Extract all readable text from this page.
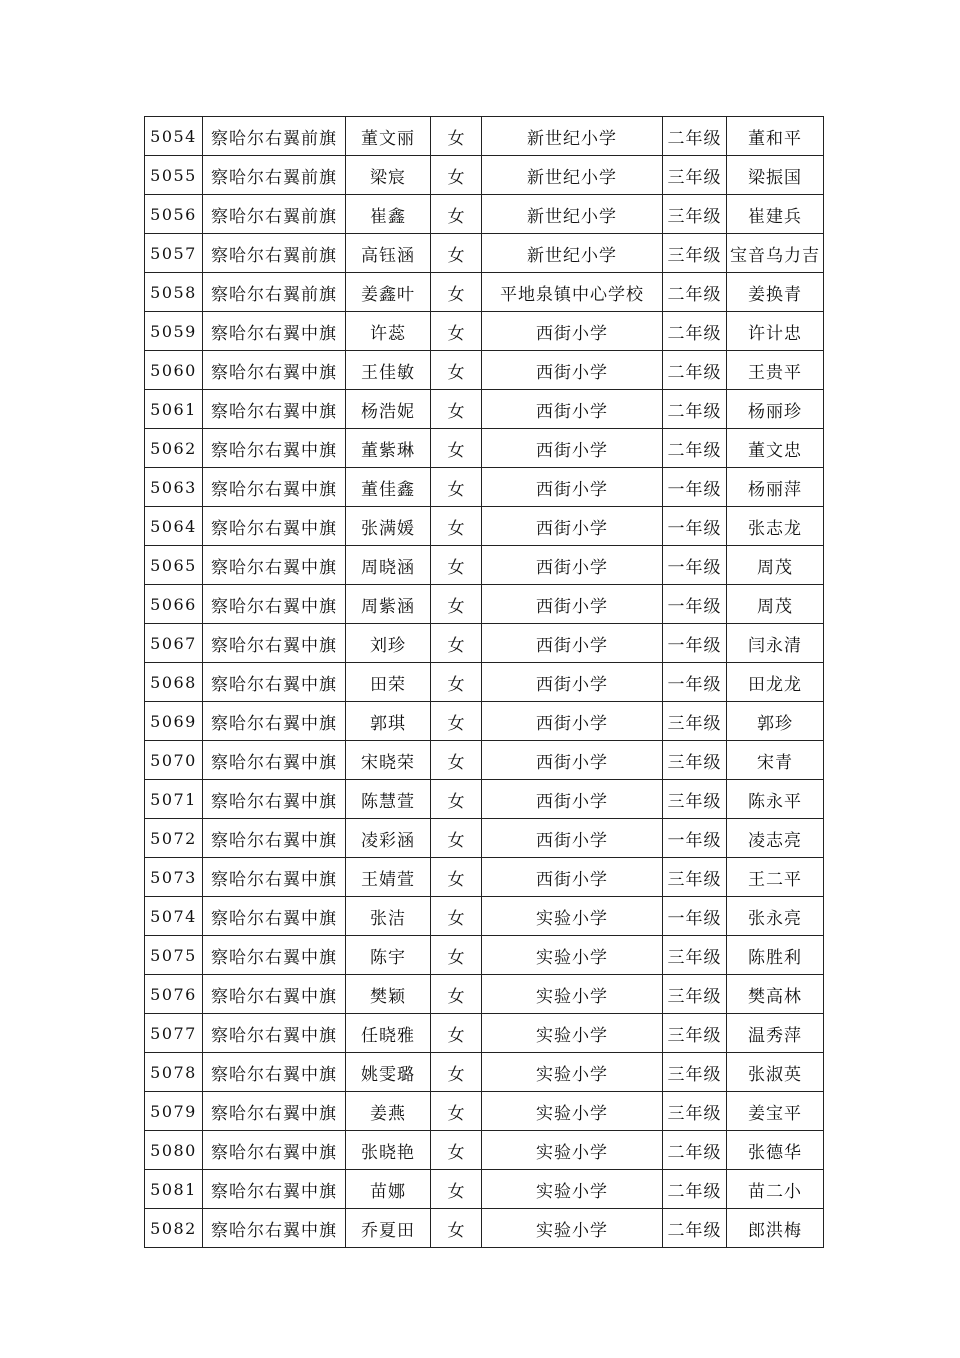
5054	察哈尔右翼前旗	董文丽	女	新世纪小学	二年级	董和平
5055	察哈尔右翼前旗	梁宸	女	新世纪小学	三年级	梁振国
5056	察哈尔右翼前旗	崔鑫	女	新世纪小学	三年级	崔建兵
5057	察哈尔右翼前旗	高钰涵	女	新世纪小学	三年级	宝音乌力吉
5058	察哈尔右翼前旗	姜鑫叶	女	平地泉镇中心学校	二年级	姜换青
5059	察哈尔右翼中旗	许蕊	女	西街小学	二年级	许计忠
5060	察哈尔右翼中旗	王佳敏	女	西街小学	二年级	王贵平
5061	察哈尔右翼中旗	杨浩妮	女	西街小学	二年级	杨丽珍
5062	察哈尔右翼中旗	董紫琳	女	西街小学	二年级	董文忠
5063	察哈尔右翼中旗	董佳鑫	女	西街小学	一年级	杨丽萍
5064	察哈尔右翼中旗	张满媛	女	西街小学	一年级	张志龙
5065	察哈尔右翼中旗	周晓涵	女	西街小学	一年级	周茂
5066	察哈尔右翼中旗	周紫涵	女	西街小学	一年级	周茂
5067	察哈尔右翼中旗	刘珍	女	西街小学	一年级	闫永清
5068	察哈尔右翼中旗	田荣	女	西街小学	一年级	田龙龙
5069	察哈尔右翼中旗	郭琪	女	西街小学	三年级	郭珍
5070	察哈尔右翼中旗	宋晓荣	女	西街小学	三年级	宋青
5071	察哈尔右翼中旗	陈慧萱	女	西街小学	三年级	陈永平
5072	察哈尔右翼中旗	凌彩涵	女	西街小学	一年级	凌志亮
5073	察哈尔右翼中旗	王婧萱	女	西街小学	三年级	王二平
5074	察哈尔右翼中旗	张洁	女	实验小学	一年级	张永亮
5075	察哈尔右翼中旗	陈宇	女	实验小学	三年级	陈胜利
5076	察哈尔右翼中旗	樊颖	女	实验小学	三年级	樊高林
5077	察哈尔右翼中旗	任晓雅	女	实验小学	三年级	温秀萍
5078	察哈尔右翼中旗	姚雯璐	女	实验小学	三年级	张淑英
5079	察哈尔右翼中旗	姜燕	女	实验小学	三年级	姜宝平
5080	察哈尔右翼中旗	张晓艳	女	实验小学	二年级	张德华
5081	察哈尔右翼中旗	苗娜	女	实验小学	二年级	苗二小
5082	察哈尔右翼中旗	乔夏田	女	实验小学	二年级	郎洪梅
